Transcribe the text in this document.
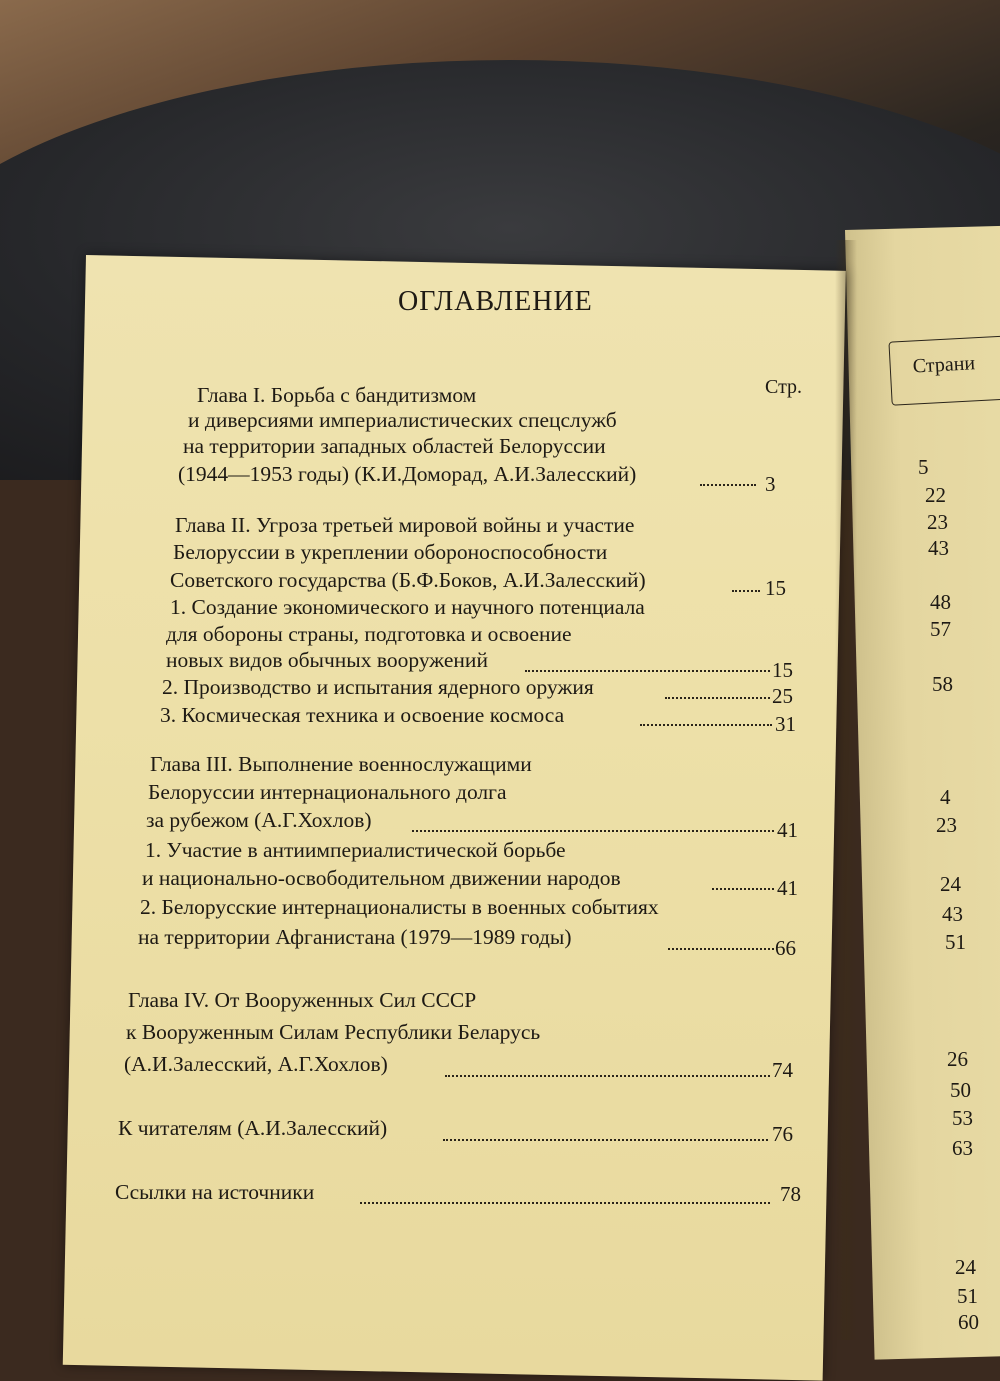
ОГЛАВЛЕНИЕ
Стр.
Глава I. Борьба с бандитизмом
и диверсиями империалистических спецслужб
на территории западных областей Белоруссии
(1944—1953 годы) (К.И.Доморад, А.И.Залесский)	3
Глава II. Угроза третьей мировой войны и участие
Белоруссии в укреплении обороноспособности
Советского государства (Б.Ф.Боков, А.И.Залесский)	15
1. Создание экономического и научного потенциала
для обороны страны, подготовка и освоение
новых видов обычных вооружений	15
2. Производство и испытания ядерного оружия	25
3. Космическая техника и освоение космоса	31
Глава III. Выполнение военнослужащими
Белоруссии интернационального долга
за рубежом (А.Г.Хохлов)	41
1. Участие в антиимпериалистической борьбе
и национально-освободительном движении народов	41
2. Белорусские интернационалисты в военных событиях
на территории Афганистана (1979—1989 годы)	66
Глава IV. От Вооруженных Сил СССР
к Вооруженным Силам Республики Беларусь
(А.И.Залесский, А.Г.Хохлов)	74
К читателям (А.И.Залесский)	76
Ссылки на источники	78
Страни
5
22
23
43
48
57
58
4
23
24
43
51
26
50
53
63
24
51
60
